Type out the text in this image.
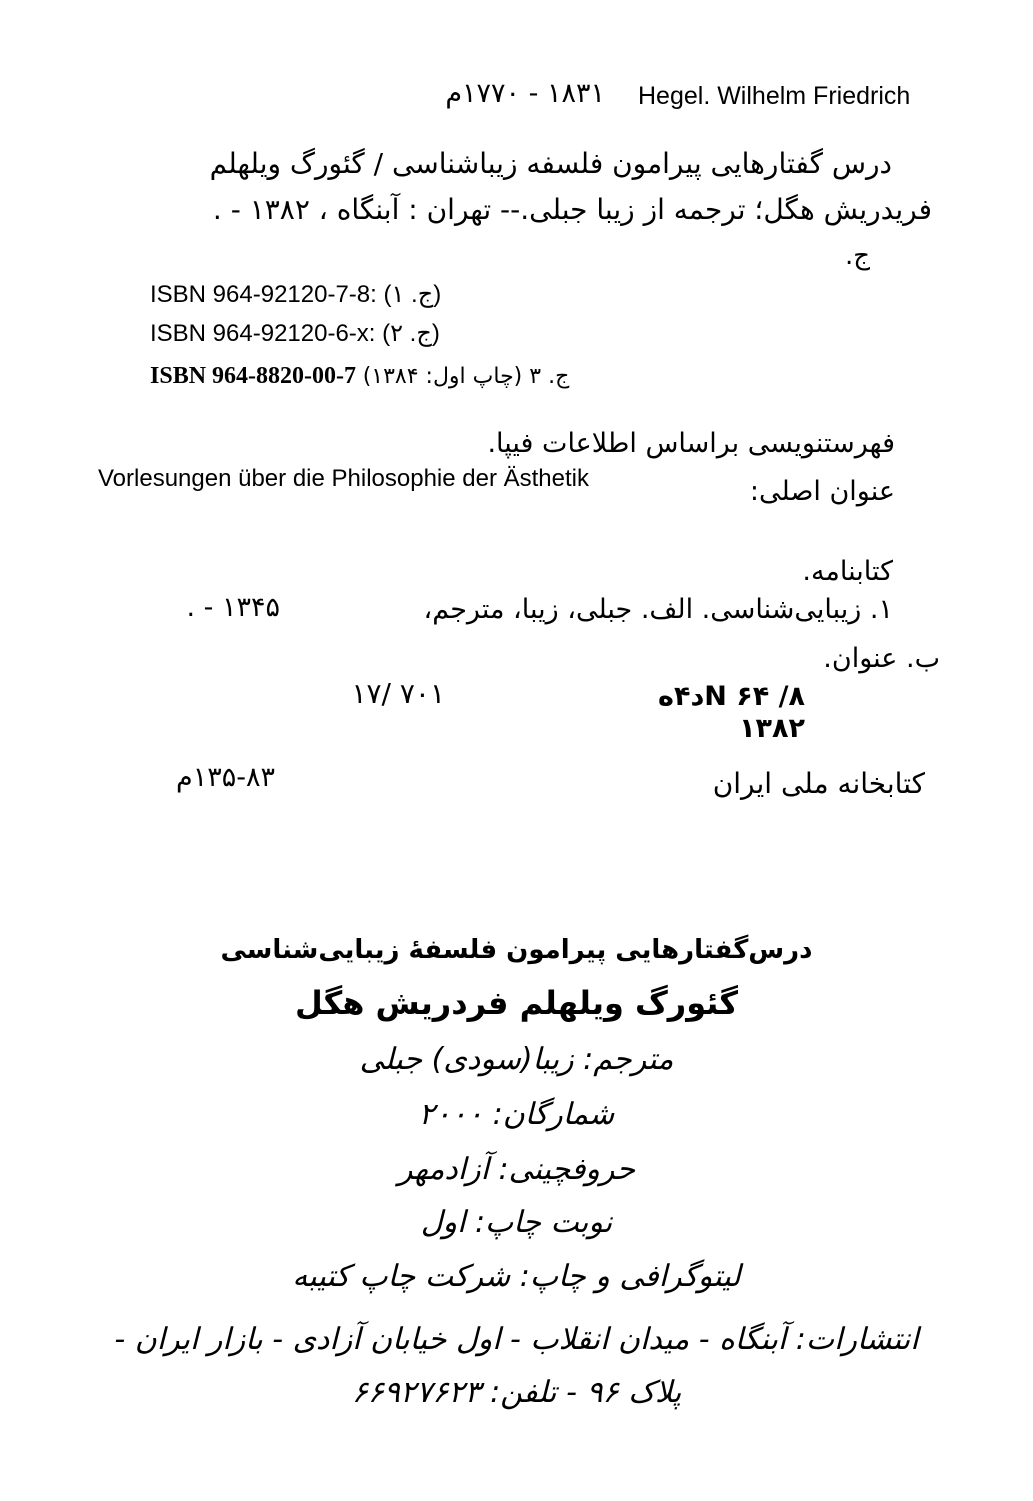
۱۸۳۱ - ۱۷۷۰م Hegel. Wilhelm Friedrich
درس گفتارهایی پیرامون فلسفه زیباشناسی / گئورگ ویلهلم
فریدریش هگل؛ ترجمه از زیبا جبلی.-- تهران : آبنگاه ، ۱۳۸۲ - .
ج.
ISBN 964-92120-7-8: (ج. ۱)
ISBN 964-92120-6-x: (ج. ۲)
ISBN 964-8820-00-7 ج. ۳ (چاپ اول: ۱۳۸۴)
فهرستنویسی براساس اطلاعات فیپا.
Vorlesungen über die Philosophie der Ästhetik	عنوان اصلی:
کتابنامه.
۱۳۴۵ - .	۱. زیبایی‌شناسی. الف. جبلی، زیبا، مترجم،
ب. عنوان.
۷۰۱ /۱۷	N ۶۴ /۸د۴ه
۱۳۸۲
۱۳۵-۸۳م	کتابخانه ملی ایران
درس‌گفتارهایی پیرامون فلسفهٔ زیبایی‌شناسی
گئورگ ویلهلم فردریش هگل
مترجم: زیبا(سودی) جبلی
شمارگان: ۲۰۰۰
حروفچینی: آزادمهر
نوبت چاپ: اول
لیتوگرافی و چاپ: شرکت چاپ کتیبه
انتشارات: آبنگاه - میدان انقلاب - اول خیابان آزادی - بازار ایران -
پلاک ۹۶ - تلفن: ۶۶۹۲۷۶۲۳
